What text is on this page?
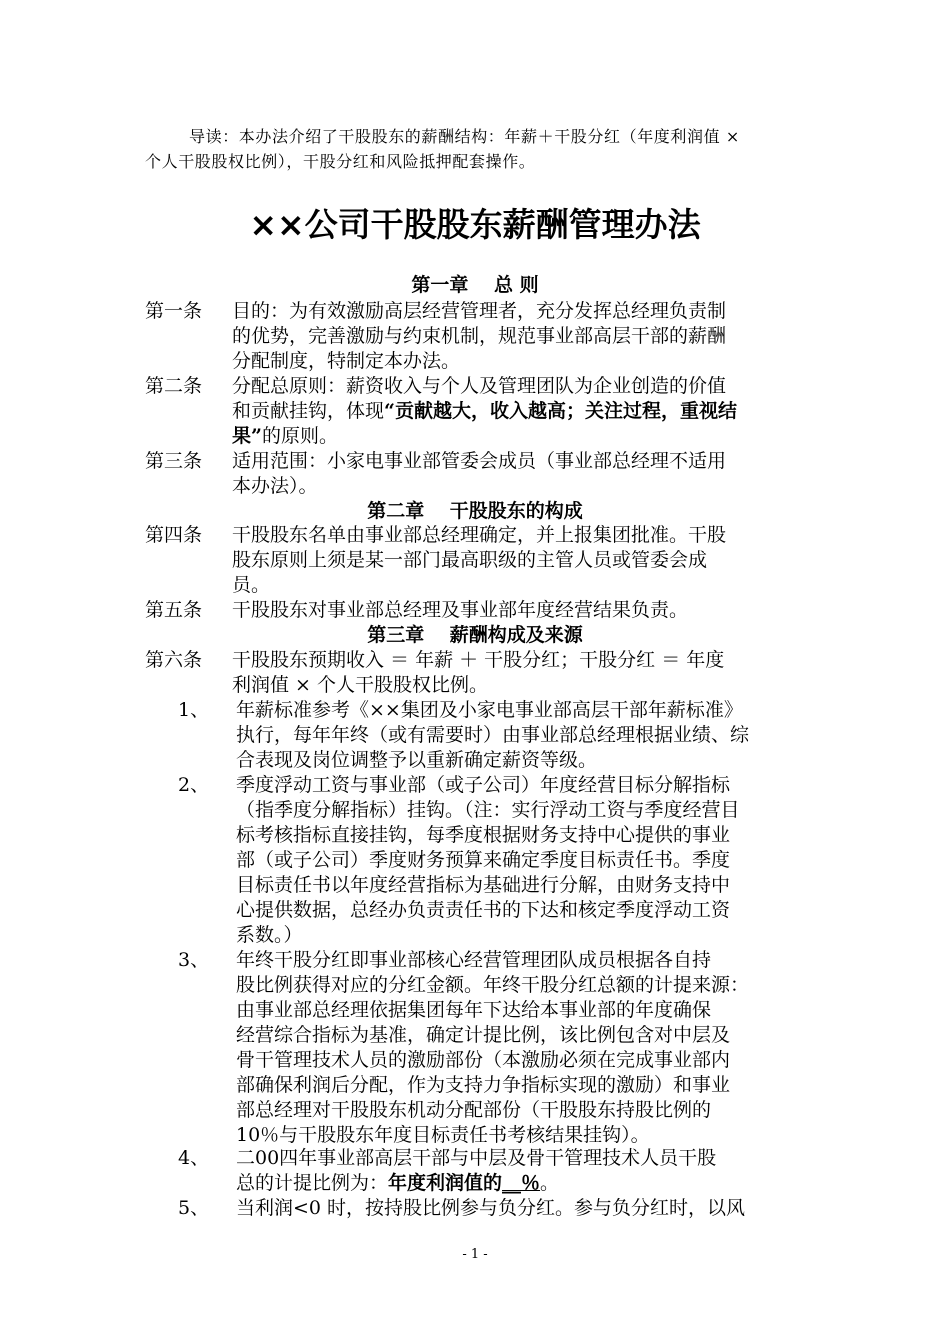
导读：本办法介绍了干股股东的薪酬结构：年薪＋干股分红（年度利润值 ×
个人干股股权比例），干股分红和风险抵押配套操作。
××公司干股股东薪酬管理办法
第一章　 总 则
第一条	目的：为有效激励高层经营管理者，充分发挥总经理负责制
的优势，完善激励与约束机制，规范事业部高层干部的薪酬
分配制度，特制定本办法。
第二条	分配总原则：薪资收入与个人及管理团队为企业创造的价值
和贡献挂钩，体现“贡献越大，收入越高；关注过程，重视结
果”的原则。
第三条	适用范围：小家电事业部管委会成员（事业部总经理不适用
本办法）。
第二章　 干股股东的构成
第四条	干股股东名单由事业部总经理确定，并上报集团批准。干股
股东原则上须是某一部门最高职级的主管人员或管委会成
员。
第五条	干股股东对事业部总经理及事业部年度经营结果负责。
第三章　 薪酬构成及来源
第六条	干股股东预期收入 ＝ 年薪 ＋ 干股分红；干股分红 ＝ 年度
利润值 × 个人干股股权比例。
1、	年薪标准参考《××集团及小家电事业部高层干部年薪标准》
执行，每年年终（或有需要时）由事业部总经理根据业绩、综
合表现及岗位调整予以重新确定薪资等级。
2、	季度浮动工资与事业部（或子公司）年度经营目标分解指标
（指季度分解指标）挂钩。（注：实行浮动工资与季度经营目
标考核指标直接挂钩，每季度根据财务支持中心提供的事业
部（或子公司）季度财务预算来确定季度目标责任书。季度
目标责任书以年度经营指标为基础进行分解，由财务支持中
心提供数据，总经办负责责任书的下达和核定季度浮动工资
系数。）
3、	年终干股分红即事业部核心经营管理团队成员根据各自持
股比例获得对应的分红金额。年终干股分红总额的计提来源：
由事业部总经理依据集团每年下达给本事业部的年度确保
经营综合指标为基准，确定计提比例，该比例包含对中层及
骨干管理技术人员的激励部份（本激励必须在完成事业部内
部确保利润后分配，作为支持力争指标实现的激励）和事业
部总经理对干股股东机动分配部份（干股股东持股比例的
10％与干股股东年度目标责任书考核结果挂钩）。
4、	二00四年事业部高层干部与中层及骨干管理技术人员干股
总的计提比例为：年度利润值的__％。
5、	当利润<0 时，按持股比例参与负分红。参与负分红时，以风
- 1 -
